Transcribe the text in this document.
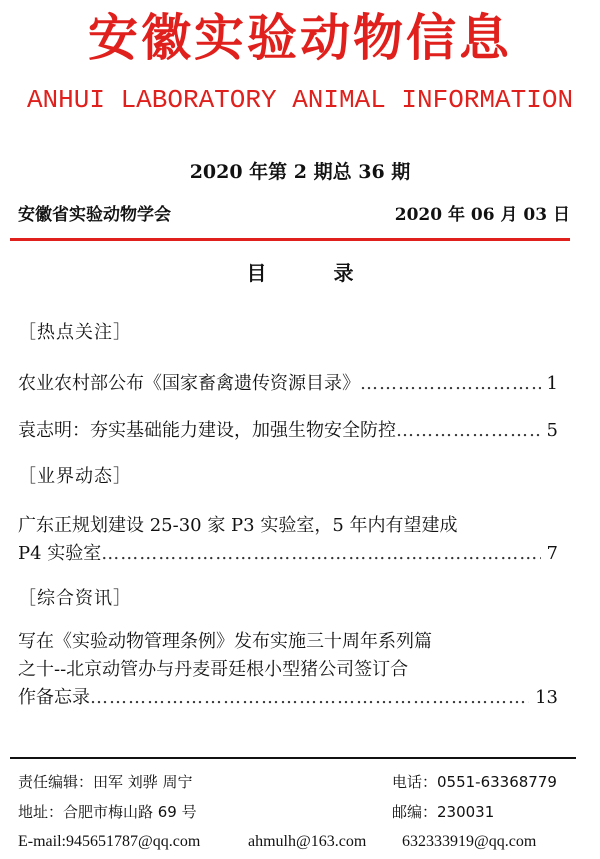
安徽实验动物信息
ANHUI LABORATORY ANIMAL INFORMATION
2020 年第 2 期总 36 期
安徽省实验动物学会	2020 年 06 月 03 日
目 录
［热点关注］
农业农村部公布《国家畜禽遗传资源目录》 ……………………………………………………………………………………………	1
袁志明：夯实基础能力建设，加强生物安全防控 ……………………………………………………………………………………………	5
［业界动态］
广东正规划建设 25-30 家 P3 实验室，5 年内有望建成
P4 实验室 ……………………………………………………………………………………………	7
［综合资讯］
写在《实验动物管理条例》发布实施三十周年系列篇
之十--北京动管办与丹麦哥廷根小型猪公司签订合
作备忘录 ……………………………………………………………………………………………	13
责任编辑：田军 刘骅 周宁	电话：0551-63368779
地址：合肥市梅山路 69 号	邮编：230031
E-mail:945651787@qq.com	ahmulh@163.com 632333919@qq.com
